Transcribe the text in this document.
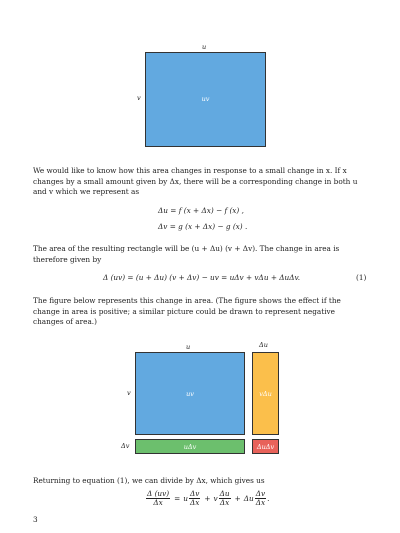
u
v	uv
We would like to know how this area changes in response to a small change in x. If x changes by a small amount given by Δx, there will be a corresponding change in both u and v which we represent as
Δu = f (x + Δx) − f (x) ,
Δv = g (x + Δx) − g (x) .
The area of the resulting rectangle will be (u + Δu) (v + Δv). The change in area is therefore given by
Δ (uv) = (u + Δu) (v + Δv) − uv = uΔv + vΔu + ΔuΔv.	(1)
The figure below represents this change in area. (The figure shows the effect if the change in area is positive; a similar picture could be drawn to represent negative changes of area.)
u	Δu
v
Δv
uv	vΔu
uΔv	ΔuΔv
Returning to equation (1), we can divide by Δx, which gives us
$\frac{\Delta (uv)}{\Delta x} = u \frac{\Delta v}{\Delta x} + v \frac{\Delta u}{\Delta x} + \Delta u \frac{\Delta v}{\Delta x}$ .
3
